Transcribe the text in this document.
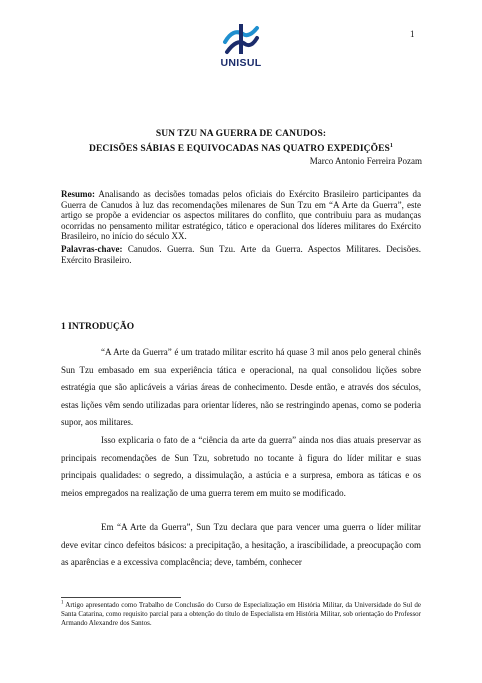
1
UNISUL
SUN TZU NA GUERRA DE CANUDOS:
DECISÕES SÁBIAS E EQUIVOCADAS NAS QUATRO EXPEDIÇÕES$^1$
Marco Antonio Ferreira Pozam
Resumo: Analisando as decisões tomadas pelos oficiais do Exército Brasileiro participantes da Guerra de Canudos à luz das recomendações milenares de Sun Tzu em “A Arte da Guerra”, este artigo se propõe a evidenciar os aspectos militares do conflito, que contribuiu para as mudanças ocorridas no pensamento militar estratégico, tático e operacional dos líderes militares do Exército Brasileiro, no início do século XX.
Palavras-chave: Canudos. Guerra. Sun Tzu. Arte da Guerra. Aspectos Militares. Decisões. Exército Brasileiro.
1 INTRODUÇÃO

“A Arte da Guerra” é um tratado militar escrito há quase 3 mil anos pelo general chinês Sun Tzu embasado em sua experiência tática e operacional, na qual consolidou lições sobre estratégia que são aplicáveis a várias áreas de conhecimento. Desde então, e através dos séculos, estas lições vêm sendo utilizadas para orientar líderes, não se restringindo apenas, como se poderia supor, aos militares.

Isso explicaria o fato de a “ciência da arte da guerra” ainda nos dias atuais preservar as principais recomendações de Sun Tzu, sobretudo no tocante à figura do líder militar e suas principais qualidades: o segredo, a dissimulação, a astúcia e a surpresa, embora as táticas e os meios empregados na realização de uma guerra terem em muito se modificado.

Em “A Arte da Guerra”, Sun Tzu declara que para vencer uma guerra o líder militar deve evitar cinco defeitos básicos: a precipitação, a hesitação, a irascibilidade, a preocupação com as aparências e a excessiva complacência; deve, também, conhecer

$^1$ Artigo apresentado como Trabalho de Conclusão do Curso de Especialização em História Militar, da Universidade do Sul de Santa Catarina, como requisito parcial para a obtenção do título de Especialista em História Militar, sob orientação do Professor Armando Alexandre dos Santos.
